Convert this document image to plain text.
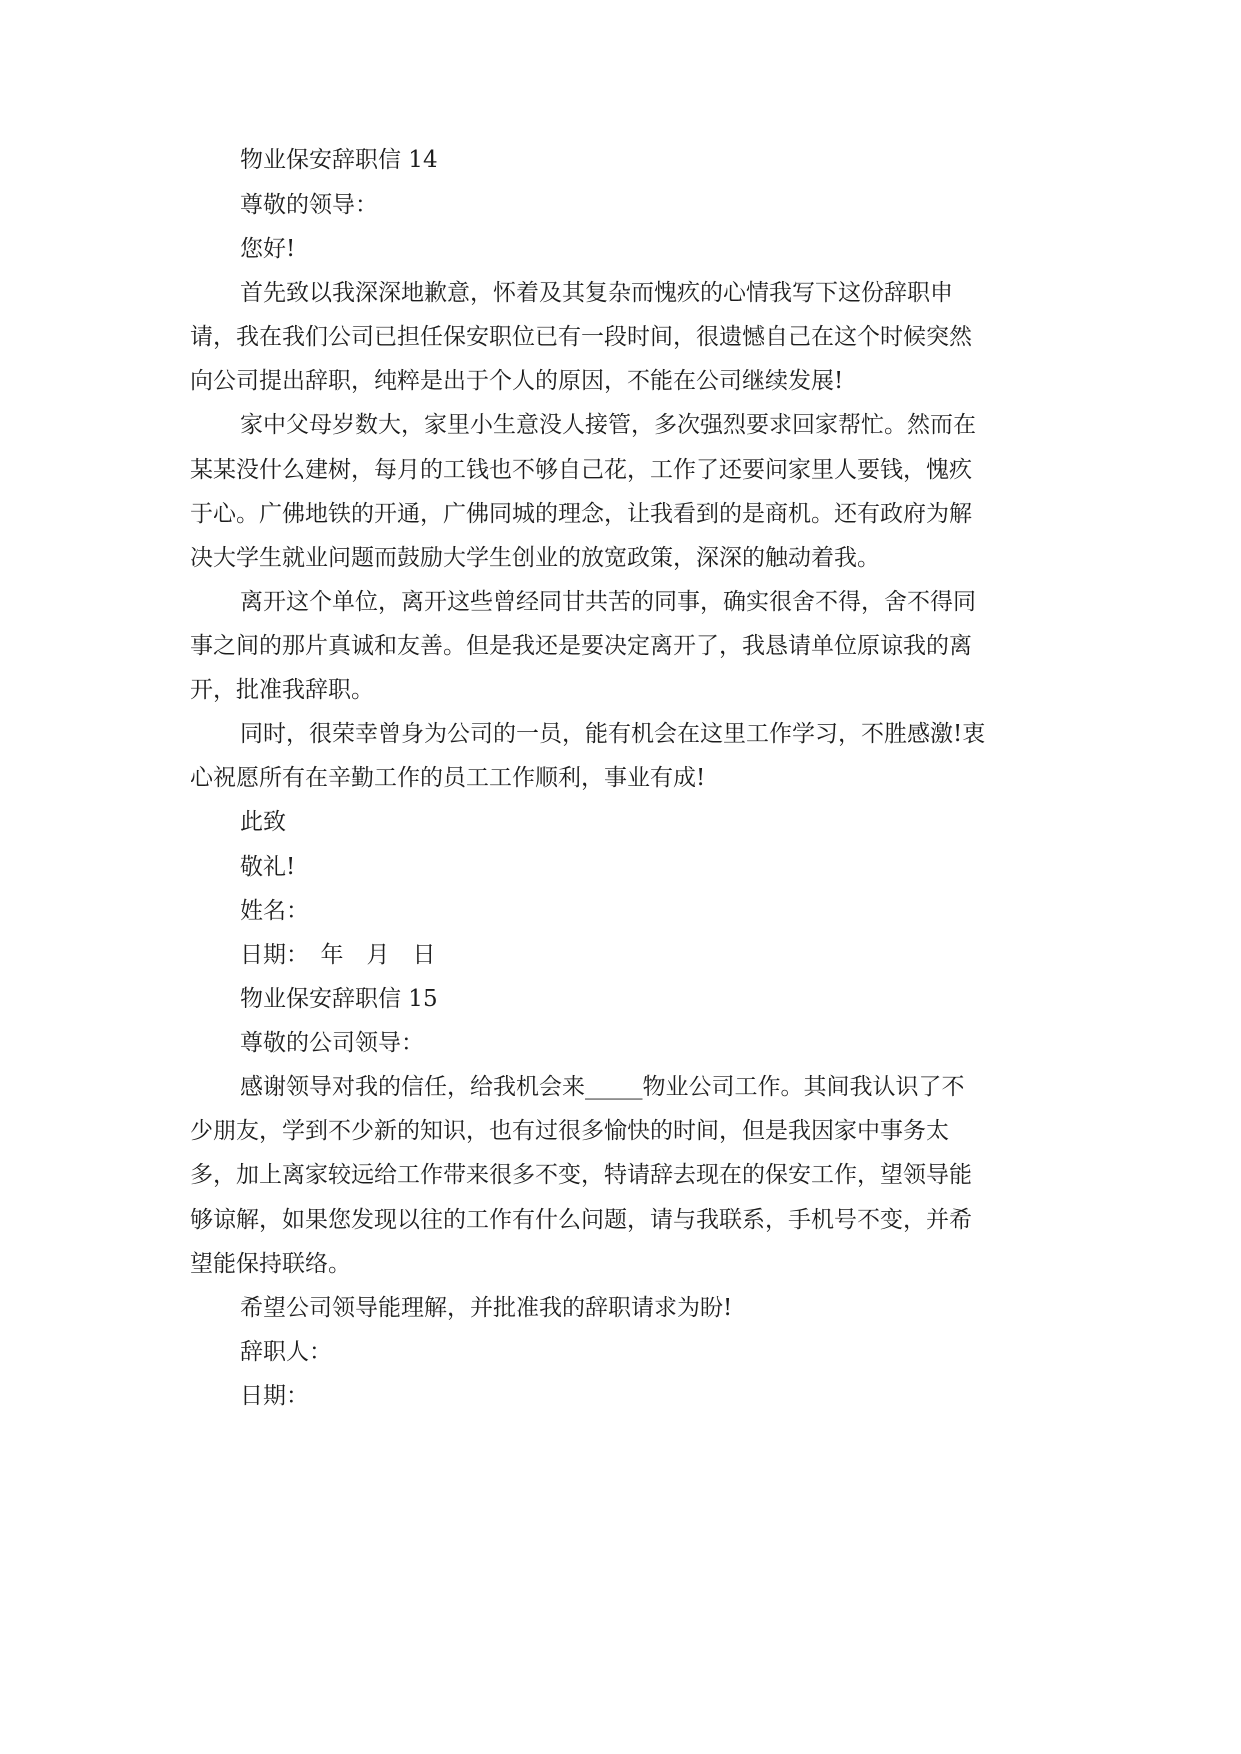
物业保安辞职信 14
尊敬的领导：
您好!
首先致以我深深地歉意，怀着及其复杂而愧疚的心情我写下这份辞职申
请，我在我们公司已担任保安职位已有一段时间，很遗憾自己在这个时候突然
向公司提出辞职，纯粹是出于个人的原因，不能在公司继续发展!
家中父母岁数大，家里小生意没人接管，多次强烈要求回家帮忙。然而在
某某没什么建树，每月的工钱也不够自己花，工作了还要问家里人要钱，愧疚
于心。广佛地铁的开通，广佛同城的理念，让我看到的是商机。还有政府为解
决大学生就业问题而鼓励大学生创业的放宽政策，深深的触动着我。
离开这个单位，离开这些曾经同甘共苦的同事，确实很舍不得，舍不得同
事之间的那片真诚和友善。但是我还是要决定离开了，我恳请单位原谅我的离
开，批准我辞职。
同时，很荣幸曾身为公司的一员，能有机会在这里工作学习，不胜感激!衷
心祝愿所有在辛勤工作的员工工作顺利，事业有成!
此致
敬礼!
姓名：
日期：　年　月　日
物业保安辞职信 15
尊敬的公司领导：
感谢领导对我的信任，给我机会来_____物业公司工作。其间我认识了不
少朋友，学到不少新的知识，也有过很多愉快的时间，但是我因家中事务太
多，加上离家较远给工作带来很多不变，特请辞去现在的保安工作，望领导能
够谅解，如果您发现以往的工作有什么问题，请与我联系，手机号不变，并希
望能保持联络。
希望公司领导能理解，并批准我的辞职请求为盼!
辞职人：
日期：
